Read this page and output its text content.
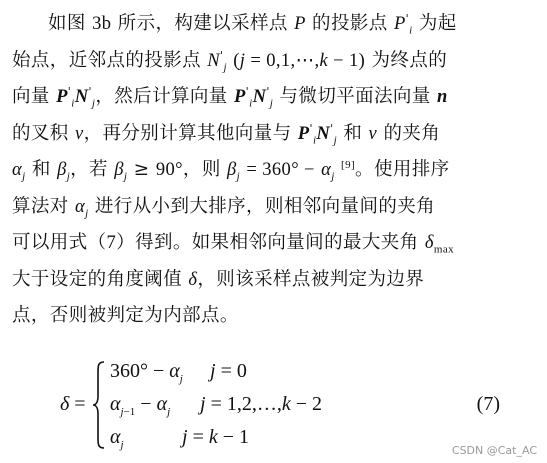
如图 3b 所示，构建以采样点 P 的投影点 $P'_i$ 为起
始点，近邻点的投影点 $N'_j$ (j = 0,1,⋯,k − 1) 为终点的
向量 $P'_iN'_j$，然后计算向量 $P'_iN'_j$ 与微切平面法向量 n
的叉积 v，再分别计算其他向量与 $P'_iN'_j$ 和 v 的夹角
$\alpha_j$ 和 $\beta_j$，若 $\beta_j \ge 90^\circ$，则 $\beta_j = 360^\circ - \alpha_j$ [9]。使用排序
算法对 $\alpha_j$ 进行从小到大排序，则相邻向量间的夹角
可以用式（7）得到。如果相邻向量间的最大夹角 $\delta_{max}$
大于设定的角度阈值 δ，则该采样点被判定为边界
点，否则被判定为内部点。
δ =
$360^\circ - \alpha_j$ j = 0
$\alpha_{j-1} - \alpha_j$ j = 1,2,…,k − 2
$\alpha_j$	j = k − 1
(7)
CSDN @Cat_AC
